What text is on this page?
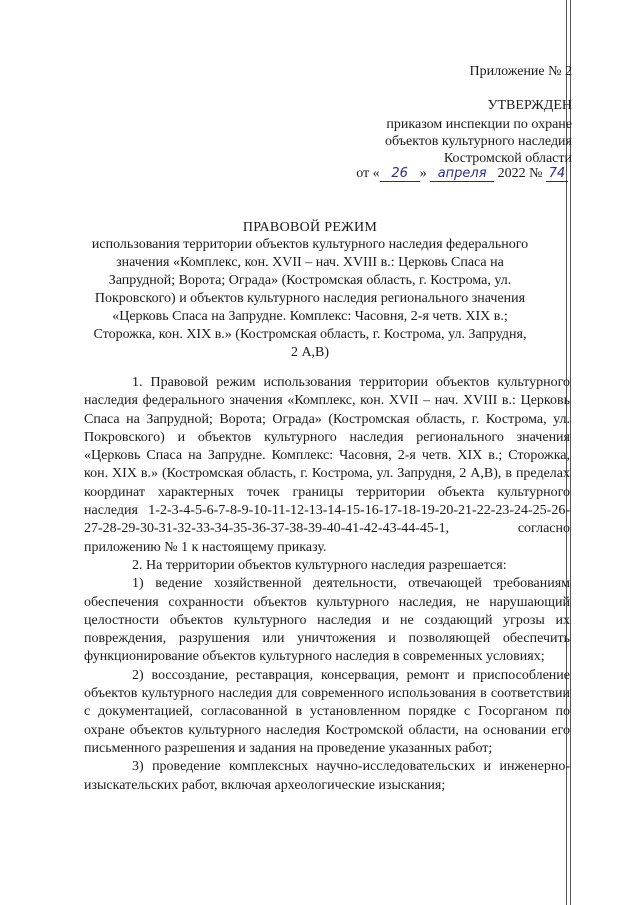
Приложение № 2
УТВЕРЖДЕН
приказом инспекции по охране
объектов культурного наследия
Костромской области
от « 26 » апреля 2022 № 74
ПРАВОВОЙ РЕЖИМ
использования территории объектов культурного наследия федерального значения «Комплекс, кон. XVII – нач. XVIII в.: Церковь Спаса на Запрудной; Ворота; Ограда» (Костромская область, г. Кострома, ул. Покровского) и объектов культурного наследия регионального значения «Церковь Спаса на Запрудне. Комплекс: Часовня, 2-я четв. XIX в.; Сторожка, кон. XIX в.» (Костромская область, г. Кострома, ул. Запрудня, 2 А,В)

1. Правовой режим использования территории объектов культурного наследия федерального значения «Комплекс, кон. XVII – нач. XVIII в.: Церковь Спаса на Запрудной; Ворота; Ограда» (Костромская область, г. Кострома, ул. Покровского) и объектов культурного наследия регионального значения «Церковь Спаса на Запрудне. Комплекс: Часовня, 2-я четв. XIX в.; Сторожка, кон. XIX в.» (Костромская область, г. Кострома, ул. Запрудня, 2 А,В), в пределах координат характерных точек границы территории объекта культурного наследия 1-2-3-4-5-6-7-8-9-10-11-12-13-14-15-16-17-18-19-20-21-22-23-24-25-26-27-28-29-30-31-32-33-34-35-36-37-38-39-40-41-42-43-44-45-1, согласно приложению № 1 к настоящему приказу.

2. На территории объектов культурного наследия разрешается:

1) ведение хозяйственной деятельности, отвечающей требованиям обеспечения сохранности объектов культурного наследия, не нарушающий целостности объектов культурного наследия и не создающий угрозы их повреждения, разрушения или уничтожения и позволяющей обеспечить функционирование объектов культурного наследия в современных условиях;

2) воссоздание, реставрация, консервация, ремонт и приспособление объектов культурного наследия для современного использования в соответствии с документацией, согласованной в установленном порядке с Госорганом по охране объектов культурного наследия Костромской области, на основании его письменного разрешения и задания на проведение указанных работ;

3) проведение комплексных научно-исследовательских и инженерно-изыскательских работ, включая археологические изыскания;
